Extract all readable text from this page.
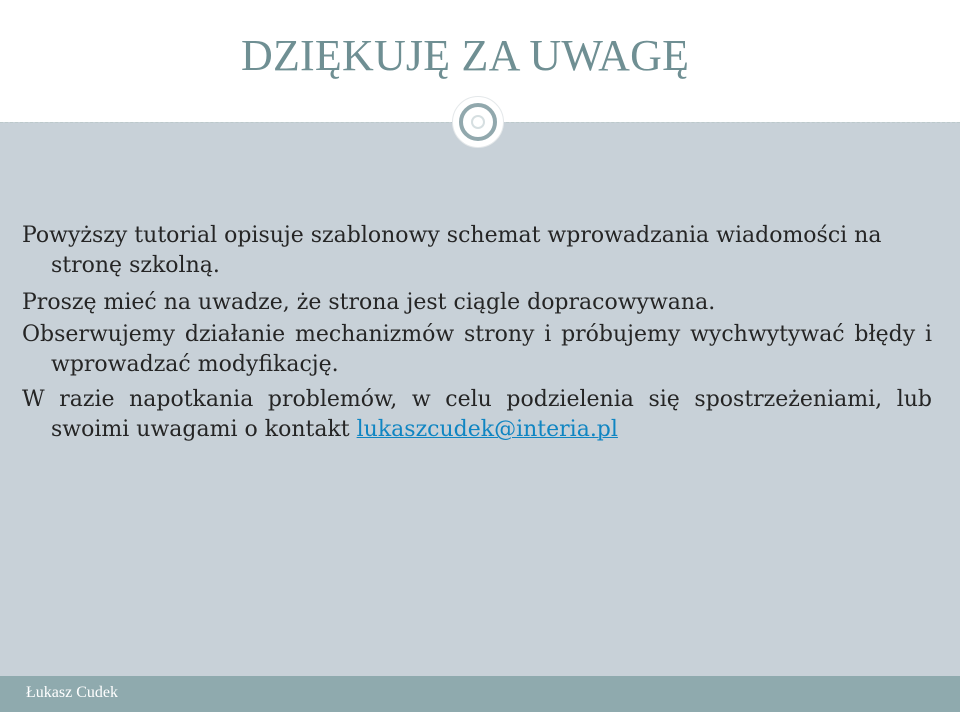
DZIĘKUJĘ ZA UWAGĘ

Powyższy tutorial opisuje szablonowy schemat wprowadzania wiadomości na stronę szkolną.

Proszę mieć na uwadze, że strona jest ciągle dopracowywana.
Obserwujemy działanie mechanizmów strony i próbujemy wychwytywać błędy i wprowadzać modyfikację.

W razie napotkania problemów, w celu podzielenia się spostrzeżeniami, lub swoimi uwagami o kontakt lukaszcudek@interia.pl

Łukasz Cudek
